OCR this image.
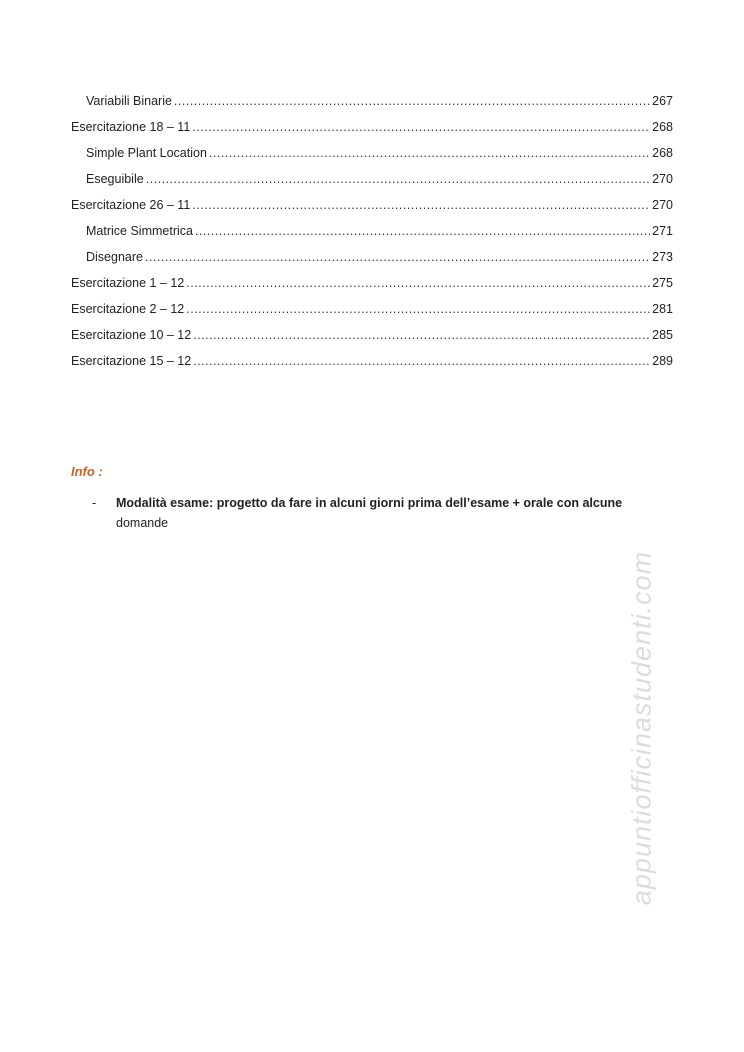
Variabili Binarie .....	267
Esercitazione 18 – 11 .....	268
Simple Plant Location .....	268
Eseguibile .....	270
Esercitazione 26 – 11 .....	270
Matrice Simmetrica .....	271
Disegnare .....	273
Esercitazione 1 – 12 .....	275
Esercitazione 2 – 12 .....	281
Esercitazione 10 – 12 .....	285
Esercitazione 15 – 12 .....	289
Info :
-	Modalità esame: progetto da fare in alcuni giorni prima dell’esame + orale con alcune domande
appuntiofficinastudenti.com
